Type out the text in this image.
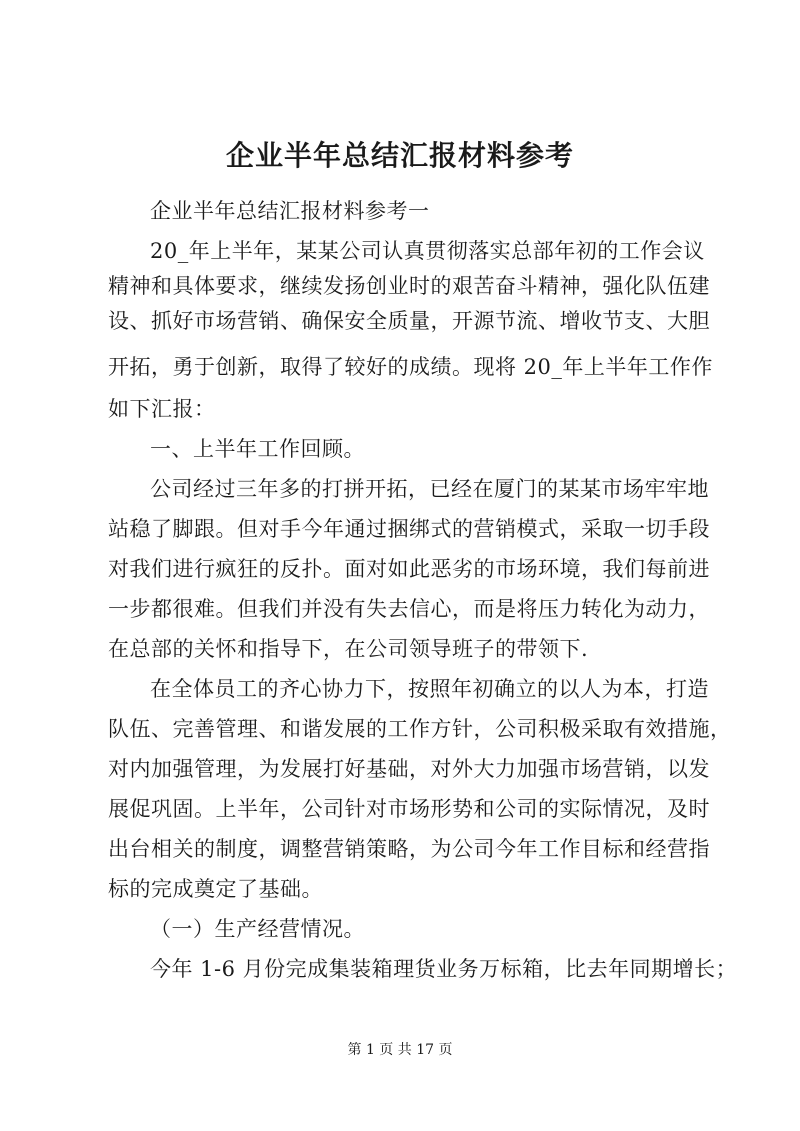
企业半年总结汇报材料参考
企业半年总结汇报材料参考一
20_年上半年，某某公司认真贯彻落实总部年初的工作会议
精神和具体要求，继续发扬创业时的艰苦奋斗精神，强化队伍建
设、抓好市场营销、确保安全质量，开源节流、增收节支、大胆
开拓，勇于创新，取得了较好的成绩。现将 20_年上半年工作作
如下汇报：
一、上半年工作回顾。
公司经过三年多的打拼开拓，已经在厦门的某某市场牢牢地
站稳了脚跟。但对手今年通过捆绑式的营销模式，采取一切手段
对我们进行疯狂的反扑。面对如此恶劣的市场环境，我们每前进
一步都很难。但我们并没有失去信心，而是将压力转化为动力，
在总部的关怀和指导下，在公司领导班子的带领下.
在全体员工的齐心协力下，按照年初确立的以人为本，打造
队伍、完善管理、和谐发展的工作方针，公司积极采取有效措施，
对内加强管理，为发展打好基础，对外大力加强市场营销，以发
展促巩固。上半年，公司针对市场形势和公司的实际情况，及时
出台相关的制度，调整营销策略，为公司今年工作目标和经营指
标的完成奠定了基础。
（一）生产经营情况。
今年 1-6 月份完成集装箱理货业务万标箱，比去年同期增长；
第 1 页 共 17 页
